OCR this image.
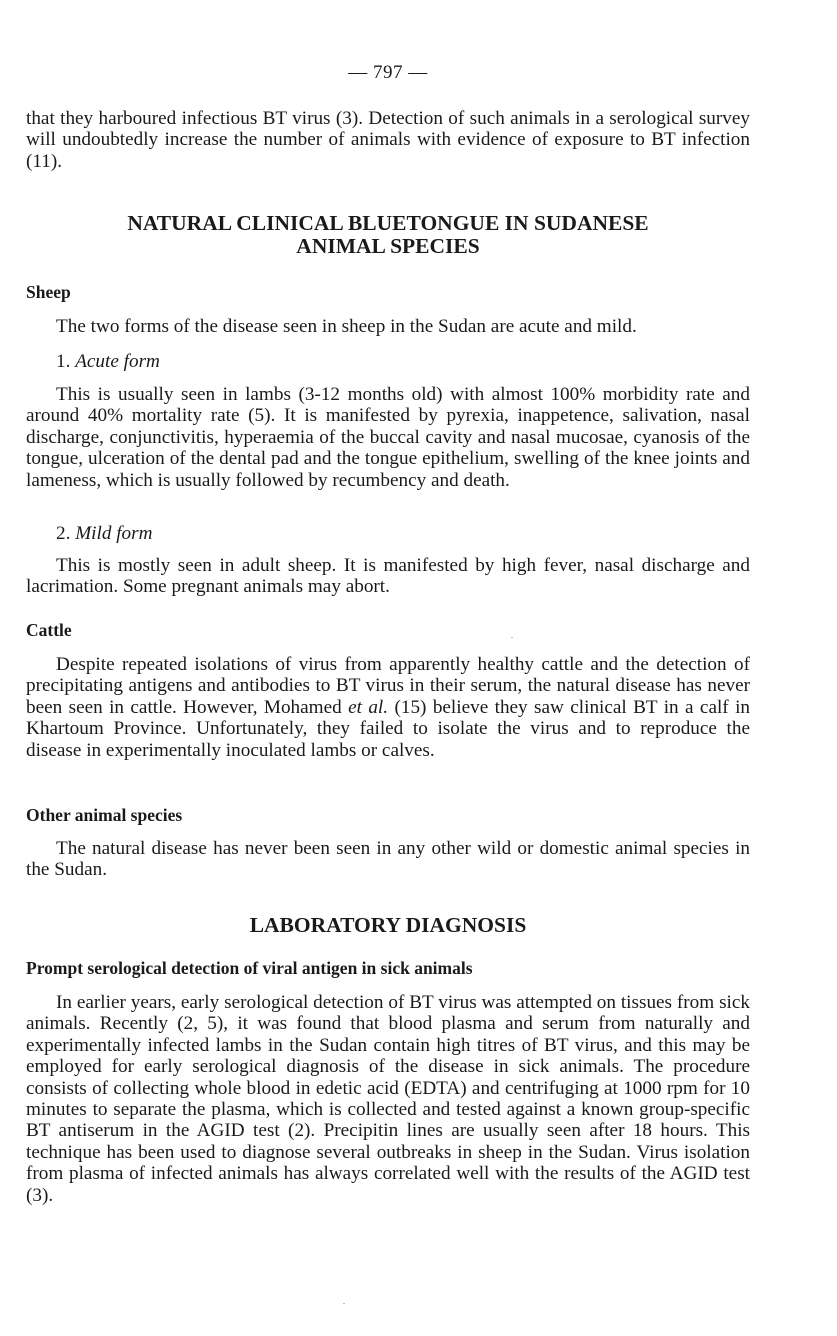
— 797 —

that they harboured infectious BT virus (3). Detection of such animals in a serological survey will undoubtedly increase the number of animals with evidence of exposure to BT infection (11).

NATURAL CLINICAL BLUETONGUE IN SUDANESE
ANIMAL SPECIES
Sheep

The two forms of the disease seen in sheep in the Sudan are acute and mild.

1. Acute form

This is usually seen in lambs (3-12 months old) with almost 100% morbidity rate and around 40% mortality rate (5). It is manifested by pyrexia, inappetence, salivation, nasal discharge, conjunctivitis, hyperaemia of the buccal cavity and nasal mucosae, cyanosis of the tongue, ulceration of the dental pad and the tongue epithelium, swelling of the knee joints and lameness, which is usually followed by recumbency and death.

2. Mild form

This is mostly seen in adult sheep. It is manifested by high fever, nasal discharge and lacrimation. Some pregnant animals may abort.

Cattle

Despite repeated isolations of virus from apparently healthy cattle and the detection of precipitating antigens and antibodies to BT virus in their serum, the natural disease has never been seen in cattle. However, Mohamed et al. (15) believe they saw clinical BT in a calf in Khartoum Province. Unfortunately, they failed to isolate the virus and to reproduce the disease in experimentally inoculated lambs or calves.

Other animal species

The natural disease has never been seen in any other wild or domestic animal species in the Sudan.

LABORATORY DIAGNOSIS
Prompt serological detection of viral antigen in sick animals

In earlier years, early serological detection of BT virus was attempted on tissues from sick animals. Recently (2, 5), it was found that blood plasma and serum from naturally and experimentally infected lambs in the Sudan contain high titres of BT virus, and this may be employed for early serological diagnosis of the disease in sick animals. The procedure consists of collecting whole blood in edetic acid (EDTA) and centrifuging at 1000 rpm for 10 minutes to separate the plasma, which is collected and tested against a known group-specific BT antiserum in the AGID test (2). Precipitin lines are usually seen after 18 hours. This technique has been used to diagnose several outbreaks in sheep in the Sudan. Virus isolation from plasma of infected animals has always correlated well with the results of the AGID test (3).
